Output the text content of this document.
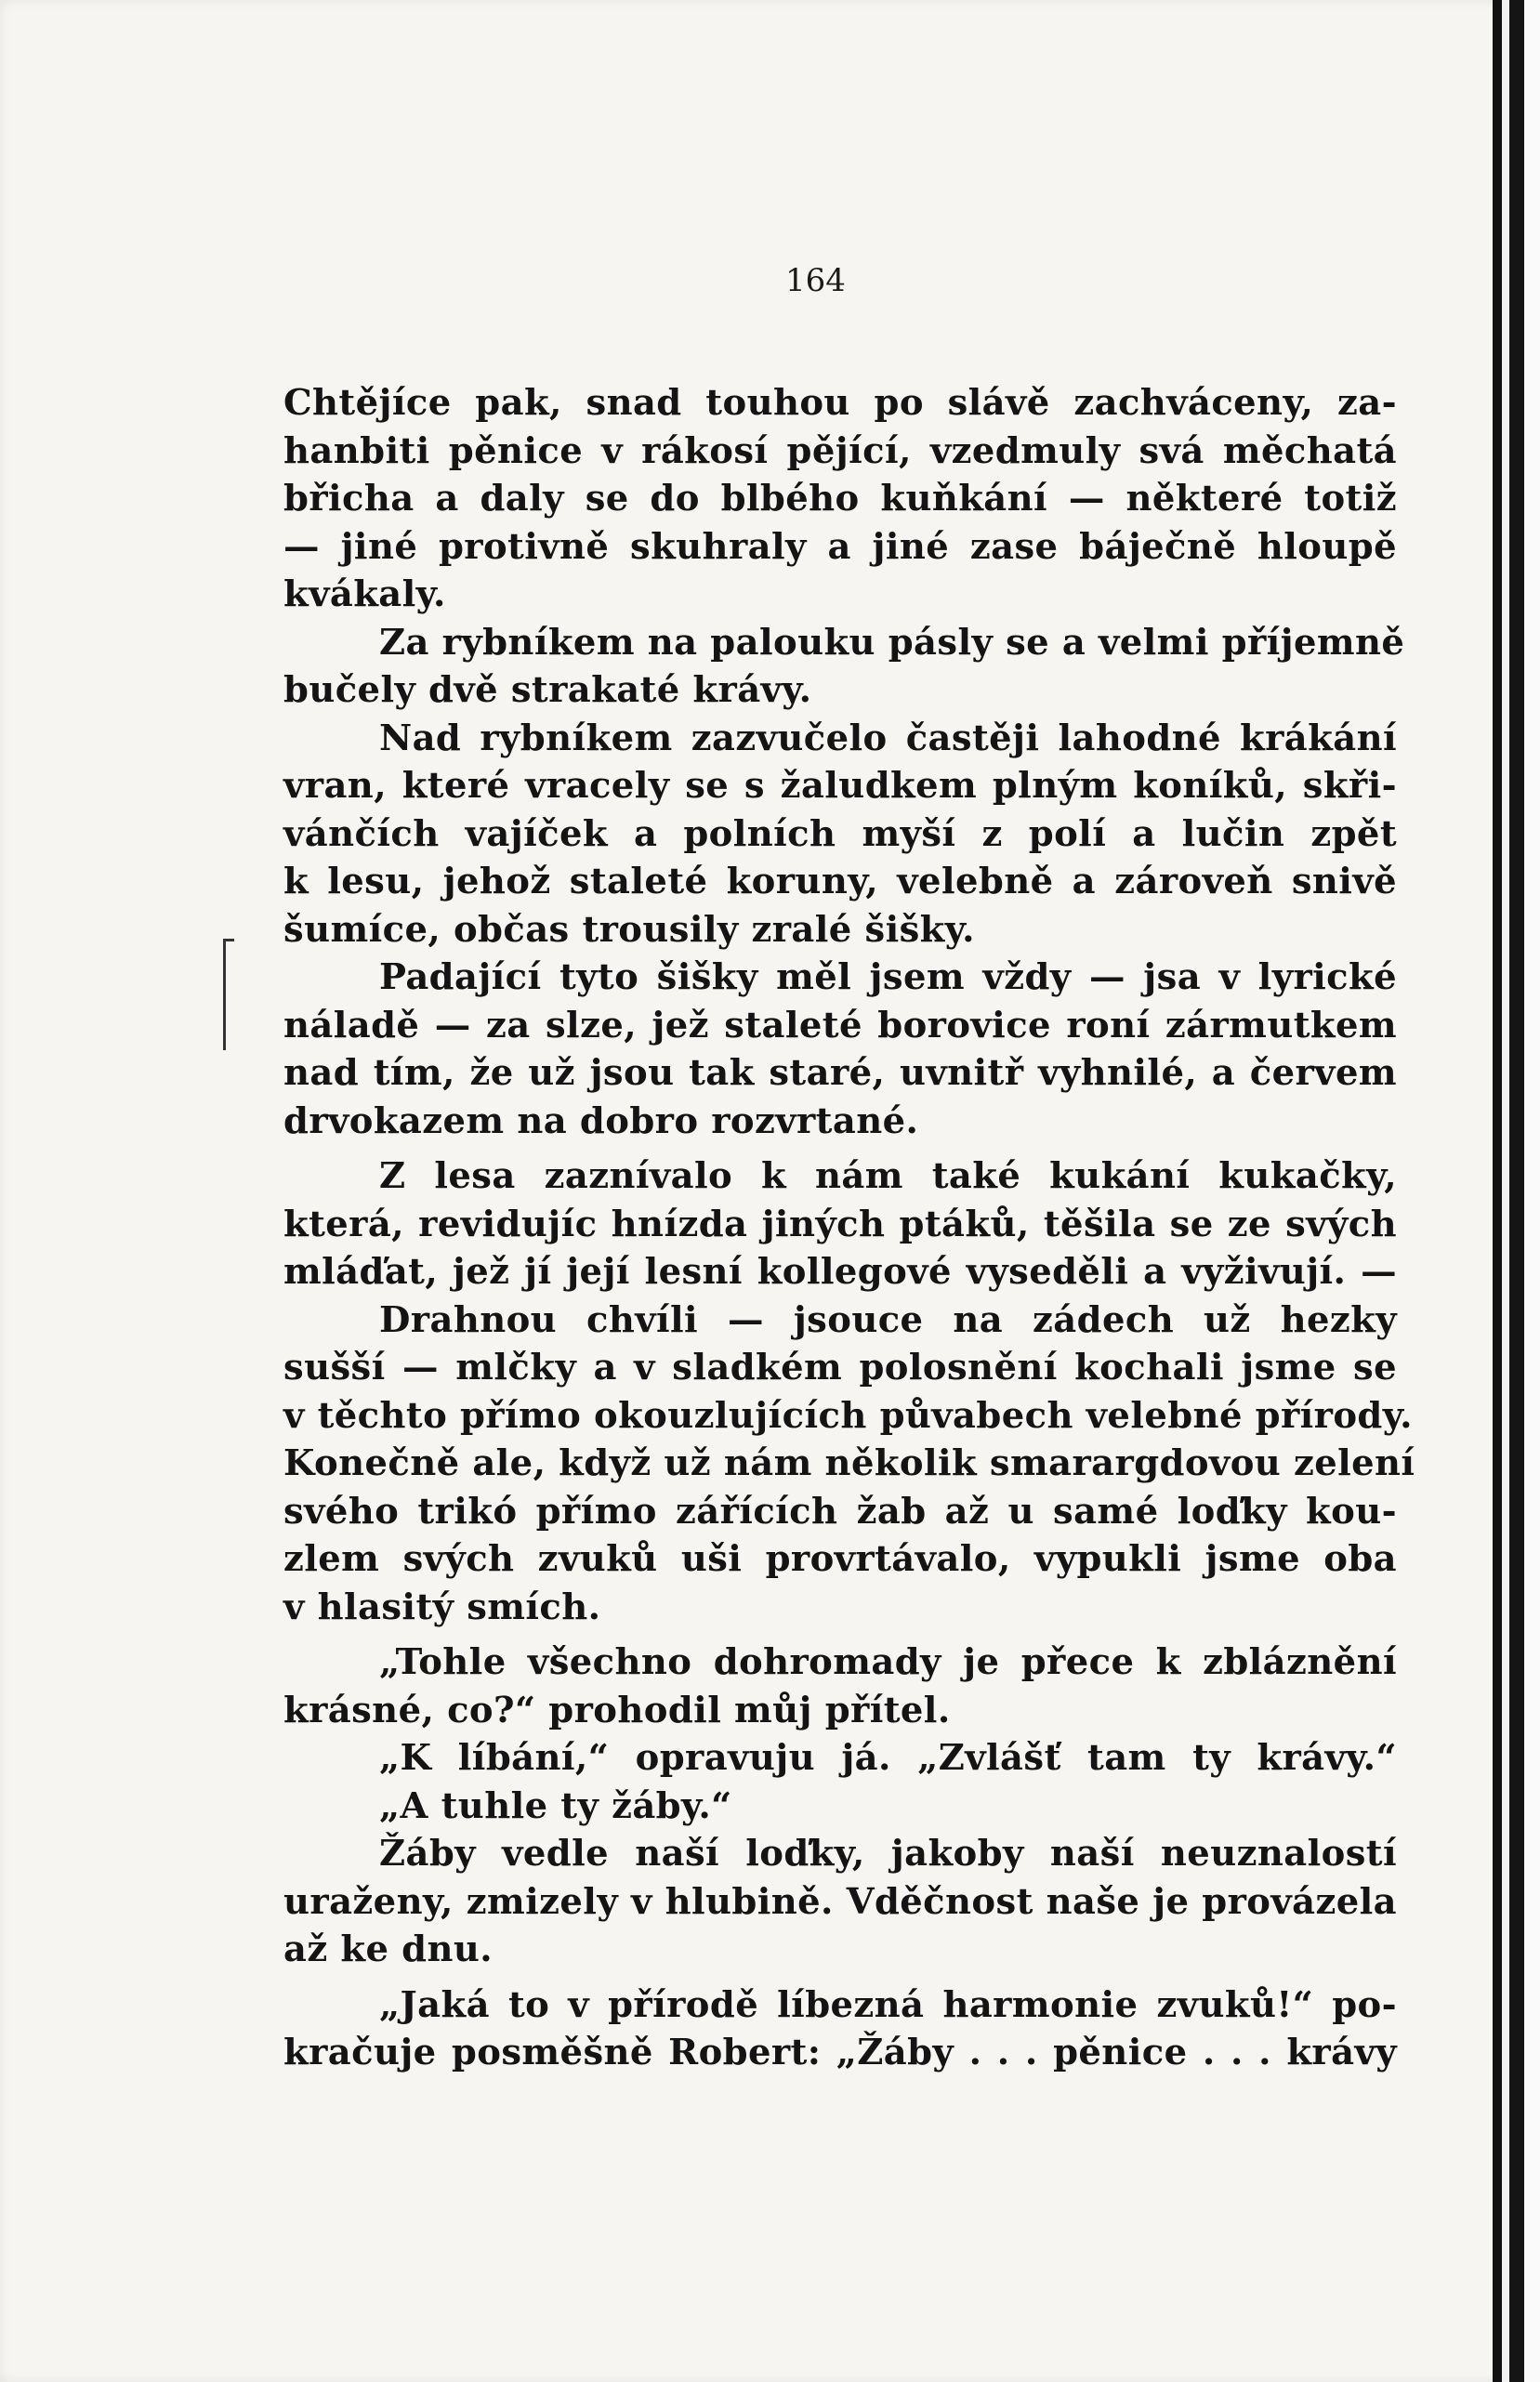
164
Chtějíce pak, snad touhou po slávě zachváceny, za-
hanbiti pěnice v rákosí pějící, vzedmuly svá měchatá
břicha a daly se do blbého kuňkání — některé totiž
— jiné protivně skuhraly a jiné zase báječně hloupě
kvákaly.
Za rybníkem na palouku pásly se a velmi příjemně
bučely dvě strakaté krávy.
Nad rybníkem zazvučelo častěji lahodné krákání
vran, které vracely se s žaludkem plným koníků, skři-
vánčích vajíček a polních myší z polí a lučin zpět
k lesu, jehož staleté koruny, velebně a zároveň snivě
šumíce, občas trousily zralé šišky.
Padající tyto šišky měl jsem vždy — jsa v lyrické
náladě — za slze, jež staleté borovice roní zármutkem
nad tím, že už jsou tak staré, uvnitř vyhnilé, a červem
drvokazem na dobro rozvrtané.
Z lesa zaznívalo k nám také kukání kukačky,
která, revidujíc hnízda jiných ptáků, těšila se ze svých
mláďat, jež jí její lesní kollegové vyseděli a vyživují. —
Drahnou chvíli — jsouce na zádech už hezky
sušší — mlčky a v sladkém polosnění kochali jsme se
v těchto přímo okouzlujících půvabech velebné přírody.
Konečně ale, když už nám několik smarargdovou zelení
svého trikó přímo zářících žab až u samé loďky kou-
zlem svých zvuků uši provrtávalo, vypukli jsme oba
v hlasitý smích.
„Tohle všechno dohromady je přece k zbláznění
krásné, co?“ prohodil můj přítel.
„K líbání,“ opravuju já. „Zvlášť tam ty krávy.“
„A tuhle ty žáby.“
Žáby vedle naší loďky, jakoby naší neuznalostí
uraženy, zmizely v hlubině. Vděčnost naše je provázela
až ke dnu.
„Jaká to v přírodě líbezná harmonie zvuků!“ po-
kračuje posměšně Robert: „Žáby . . . pěnice . . . krávy
